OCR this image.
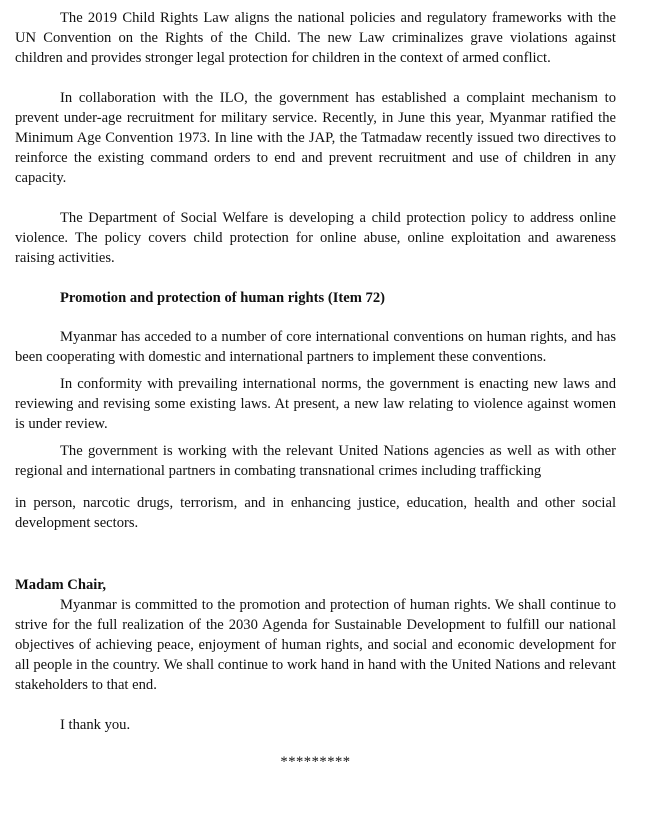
The 2019 Child Rights Law aligns the national policies and regulatory frameworks with the UN Convention on the Rights of the Child. The new Law criminalizes grave violations against children and provides stronger legal protection for children in the context of armed conflict.

In collaboration with the ILO, the government has established a complaint mechanism to prevent under-age recruitment for military service. Recently, in June this year, Myanmar ratified the Minimum Age Convention 1973. In line with the JAP, the Tatmadaw recently issued two directives to reinforce the existing command orders to end and prevent recruitment and use of children in any capacity.

The Department of Social Welfare is developing a child protection policy to address online violence. The policy covers child protection for online abuse, online exploitation and awareness raising activities.

Promotion and protection of human rights (Item 72)

Myanmar has acceded to a number of core international conventions on human rights, and has been cooperating with domestic and international partners to implement these conventions.

In conformity with prevailing international norms, the government is enacting new laws and reviewing and revising some existing laws. At present, a new law relating to violence against women is under review.

The government is working with the relevant United Nations agencies as well as with other regional and international partners in combating transnational crimes including trafficking

in person, narcotic drugs, terrorism, and in enhancing justice, education, health and other social development sectors.

Madam Chair,

Myanmar is committed to the promotion and protection of human rights. We shall continue to strive for the full realization of the 2030 Agenda for Sustainable Development to fulfill our national objectives of achieving peace, enjoyment of human rights, and social and economic development for all people in the country. We shall continue to work hand in hand with the United Nations and relevant stakeholders to that end.

I thank you.

*********
